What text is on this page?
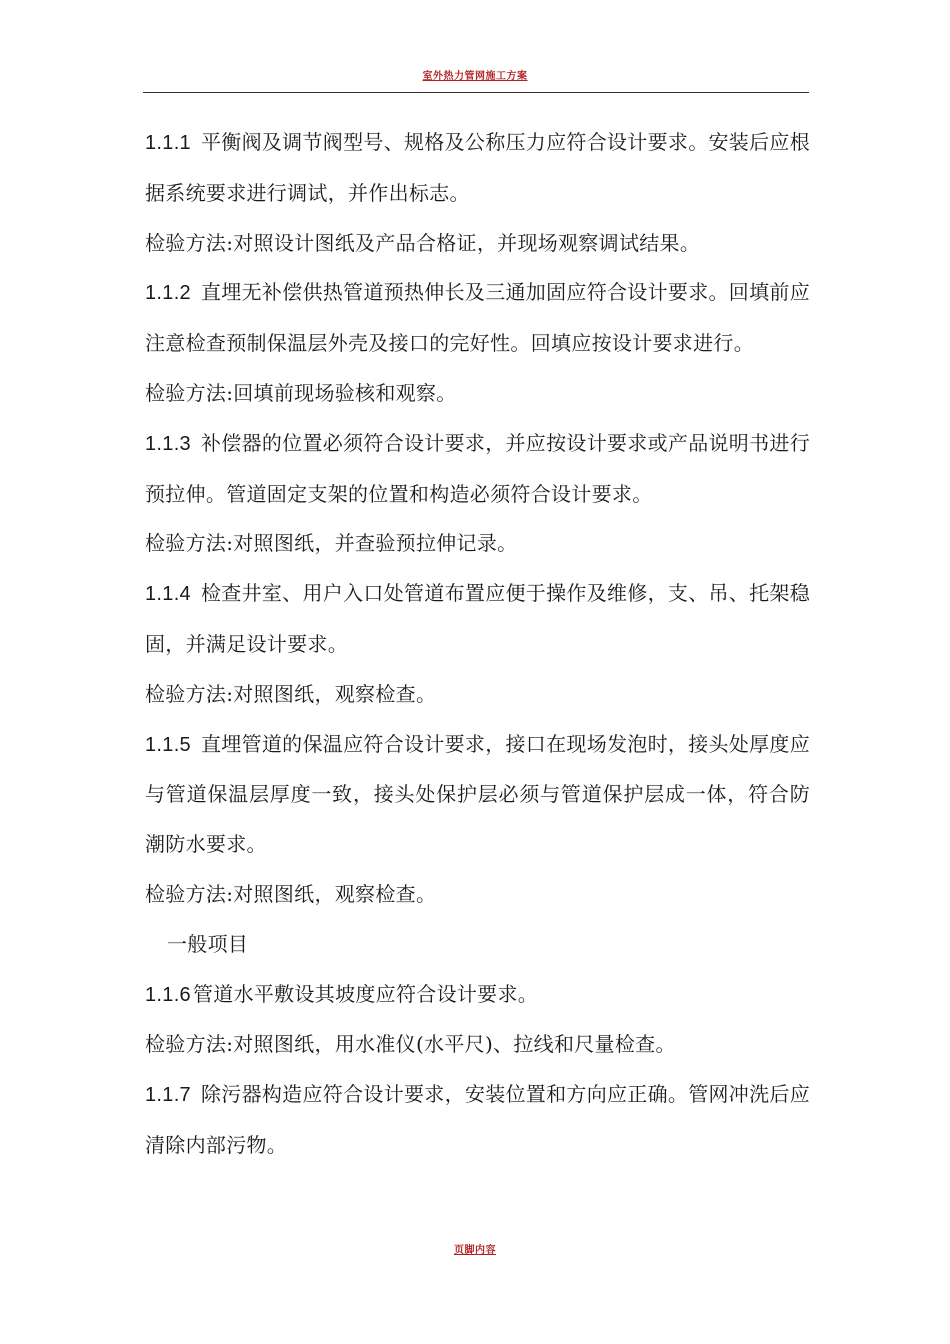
室外热力管网施工方案

1.1.1 平衡阀及调节阀型号、规格及公称压力应符合设计要求。安装后应根据系统要求进行调试，并作出标志。

检验方法:对照设计图纸及产品合格证，并现场观察调试结果。

1.1.2 直埋无补偿供热管道预热伸长及三通加固应符合设计要求。回填前应注意检查预制保温层外壳及接口的完好性。回填应按设计要求进行。

检验方法:回填前现场验核和观察。

1.1.3 补偿器的位置必须符合设计要求，并应按设计要求或产品说明书进行预拉伸。管道固定支架的位置和构造必须符合设计要求。

检验方法:对照图纸，并查验预拉伸记录。

1.1.4 检查井室、用户入口处管道布置应便于操作及维修，支、吊、托架稳固，并满足设计要求。

检验方法:对照图纸，观察检查。

1.1.5 直埋管道的保温应符合设计要求，接口在现场发泡时，接头处厚度应与管道保温层厚度一致，接头处保护层必须与管道保护层成一体，符合防潮防水要求。

检验方法:对照图纸，观察检查。

一般项目

1.1.6 管道水平敷设其坡度应符合设计要求。

检验方法:对照图纸，用水准仪(水平尺)、拉线和尺量检查。

1.1.7 除污器构造应符合设计要求，安装位置和方向应正确。管网冲洗后应清除内部污物。

页脚内容
